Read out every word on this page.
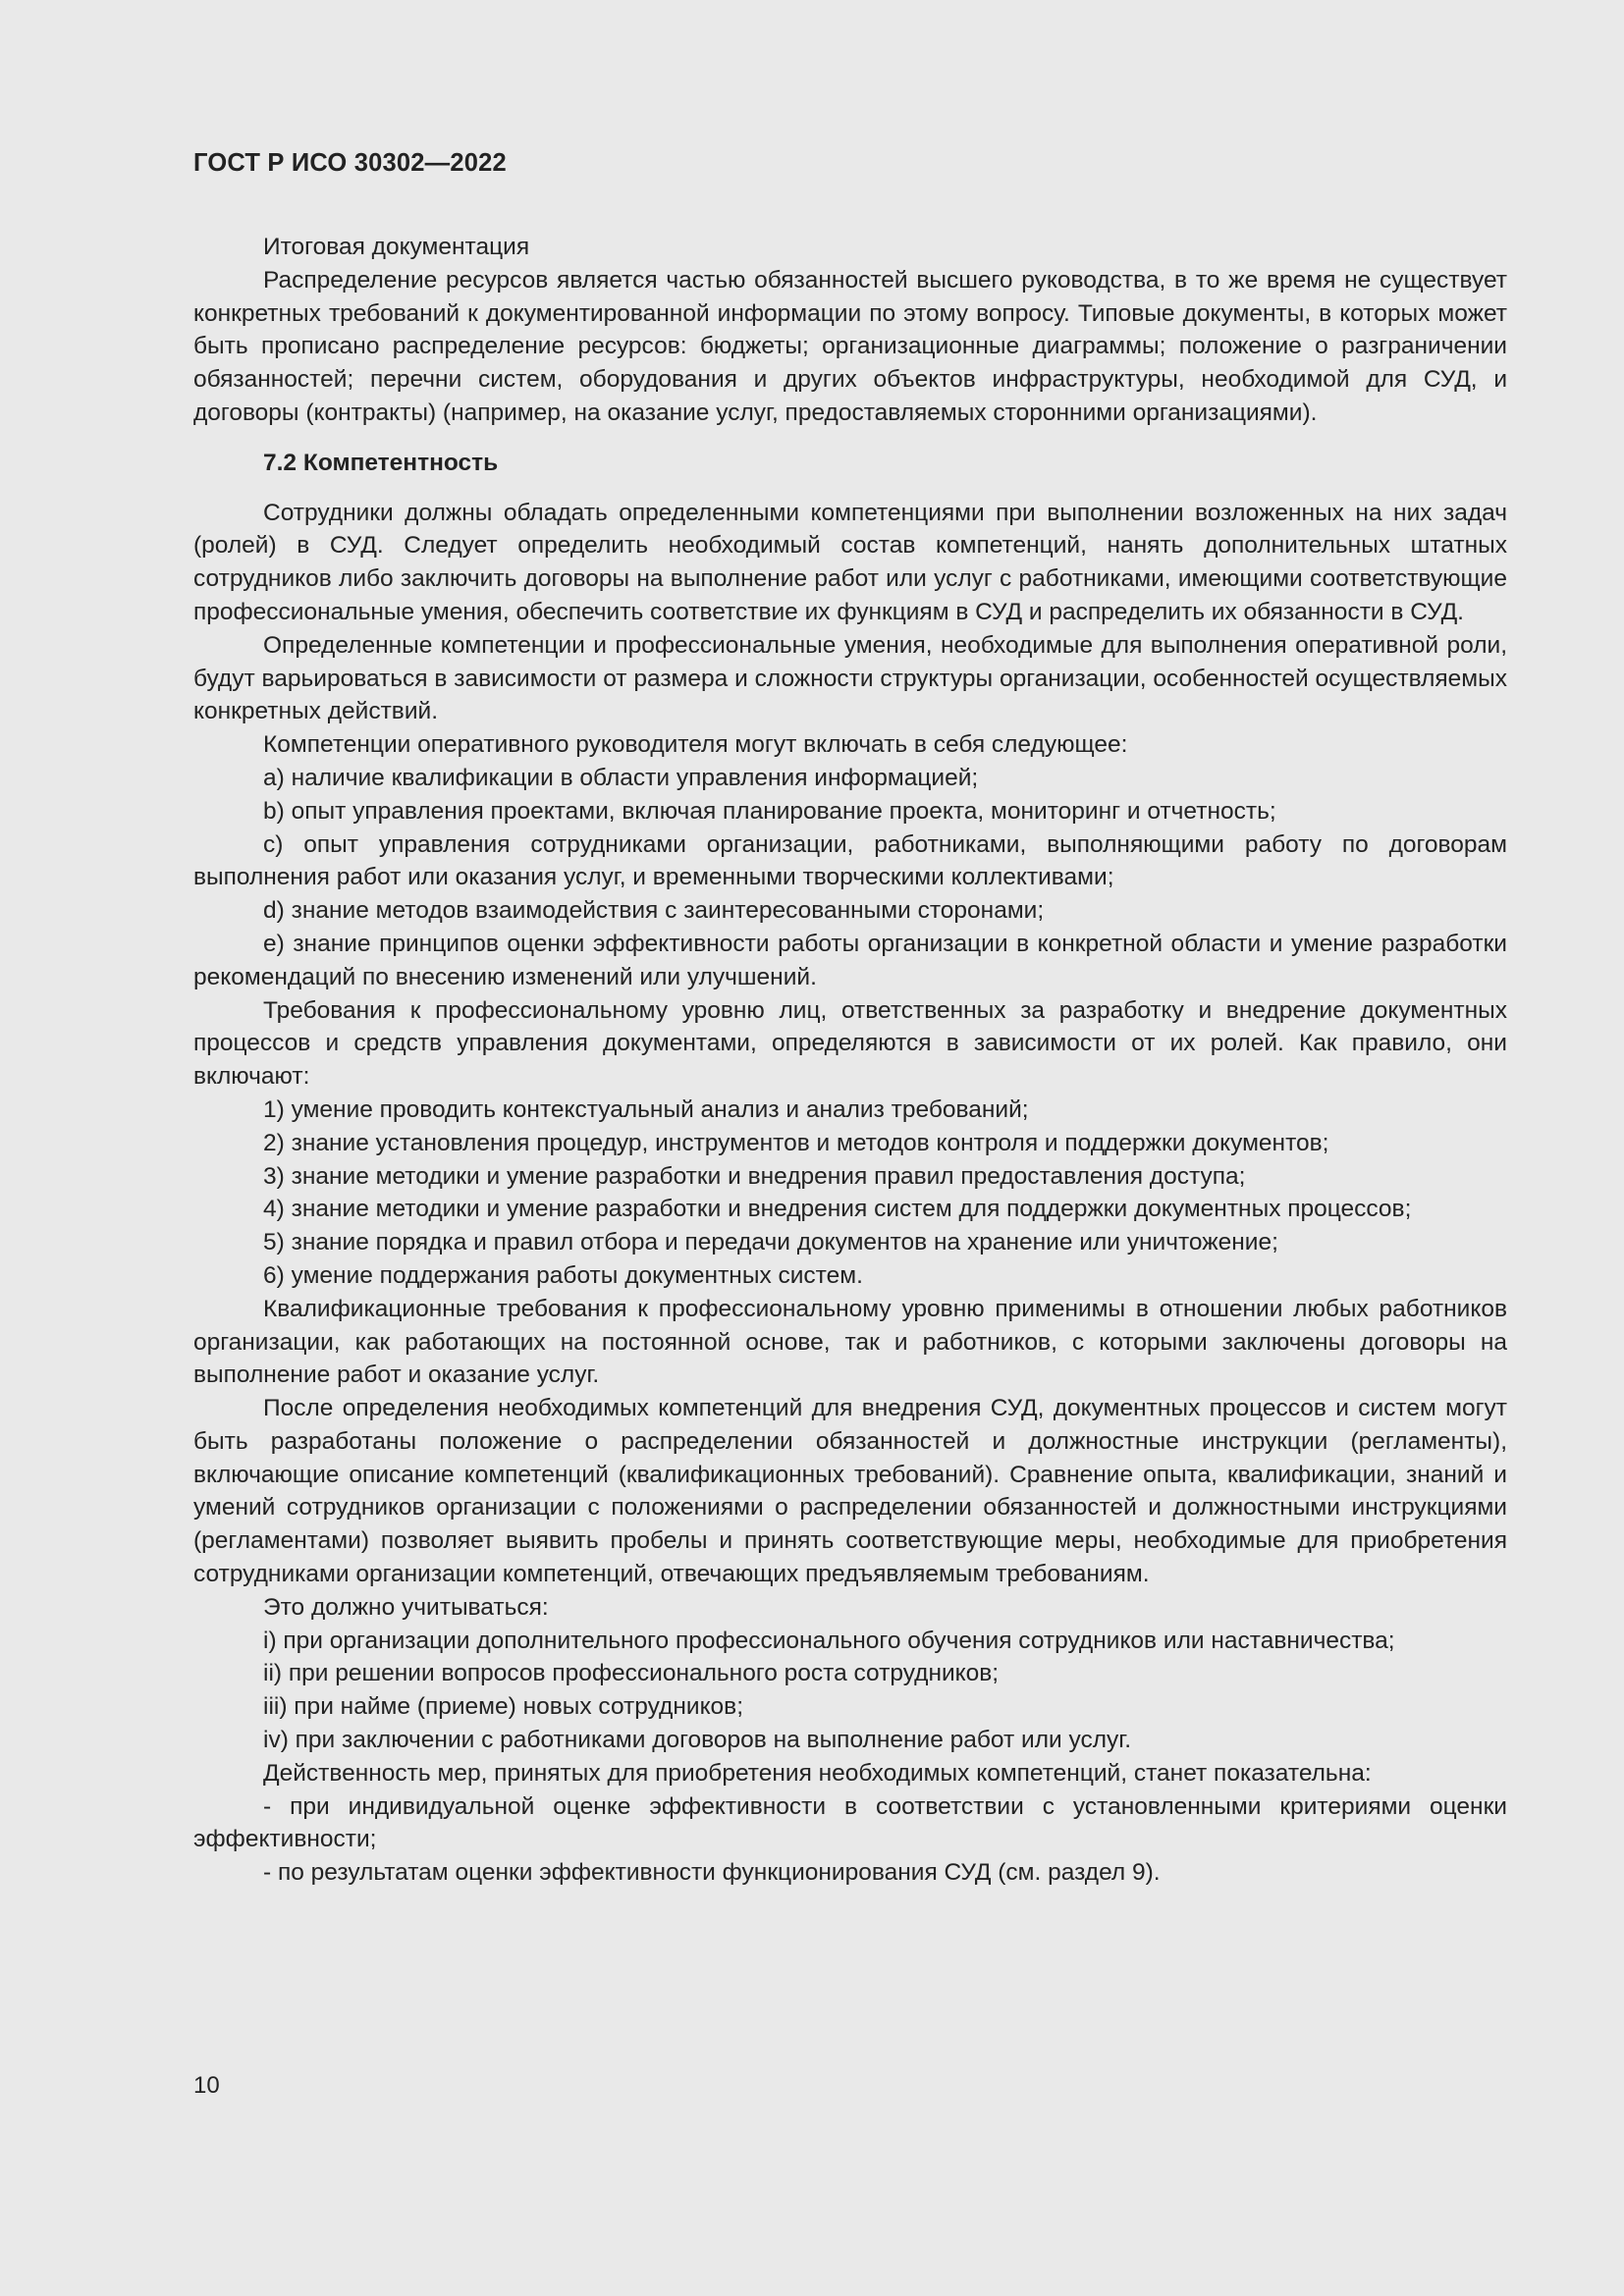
ГОСТ Р ИСО 30302—2022

Итоговая документация

Распределение ресурсов является частью обязанностей высшего руководства, в то же время не существует конкретных требований к документированной информации по этому вопросу. Типовые документы, в которых может быть прописано распределение ресурсов: бюджеты; организационные диаграммы; положение о разграничении обязанностей; перечни систем, оборудования и других объектов инфраструктуры, необходимой для СУД, и договоры (контракты) (например, на оказание услуг, предоставляемых сторонними организациями).

7.2 Компетентность

Сотрудники должны обладать определенными компетенциями при выполнении возложенных на них задач (ролей) в СУД. Следует определить необходимый состав компетенций, нанять дополнительных штатных сотрудников либо заключить договоры на выполнение работ или услуг с работниками, имеющими соответствующие профессиональные умения, обеспечить соответствие их функциям в СУД и распределить их обязанности в СУД.

Определенные компетенции и профессиональные умения, необходимые для выполнения оперативной роли, будут варьироваться в зависимости от размера и сложности структуры организации, особенностей осуществляемых конкретных действий.

Компетенции оперативного руководителя могут включать в себя следующее:

a) наличие квалификации в области управления информацией;

b) опыт управления проектами, включая планирование проекта, мониторинг и отчетность;

c) опыт управления сотрудниками организации, работниками, выполняющими работу по договорам выполнения работ или оказания услуг, и временными творческими коллективами;

d) знание методов взаимодействия с заинтересованными сторонами;

e) знание принципов оценки эффективности работы организации в конкретной области и умение разработки рекомендаций по внесению изменений или улучшений.

Требования к профессиональному уровню лиц, ответственных за разработку и внедрение документных процессов и средств управления документами, определяются в зависимости от их ролей. Как правило, они включают:

1) умение проводить контекстуальный анализ и анализ требований;

2) знание установления процедур, инструментов и методов контроля и поддержки документов;

3) знание методики и умение разработки и внедрения правил предоставления доступа;

4) знание методики и умение разработки и внедрения систем для поддержки документных процессов;

5) знание порядка и правил отбора и передачи документов на хранение или уничтожение;

6) умение поддержания работы документных систем.

Квалификационные требования к профессиональному уровню применимы в отношении любых работников организации, как работающих на постоянной основе, так и работников, с которыми заключены договоры на выполнение работ и оказание услуг.

После определения необходимых компетенций для внедрения СУД, документных процессов и систем могут быть разработаны положение о распределении обязанностей и должностные инструкции (регламенты), включающие описание компетенций (квалификационных требований). Сравнение опыта, квалификации, знаний и умений сотрудников организации с положениями о распределении обязанностей и должностными инструкциями (регламентами) позволяет выявить пробелы и принять соответствующие меры, необходимые для приобретения сотрудниками организации компетенций, отвечающих предъявляемым требованиям.

Это должно учитываться:

i) при организации дополнительного профессионального обучения сотрудников или наставничества;

ii) при решении вопросов профессионального роста сотрудников;

iii) при найме (приеме) новых сотрудников;

iv) при заключении с работниками договоров на выполнение работ или услуг.

Действенность мер, принятых для приобретения необходимых компетенций, станет показательна:

- при индивидуальной оценке эффективности в соответствии с установленными критериями оценки эффективности;

- по результатам оценки эффективности функционирования СУД (см. раздел 9).

10
